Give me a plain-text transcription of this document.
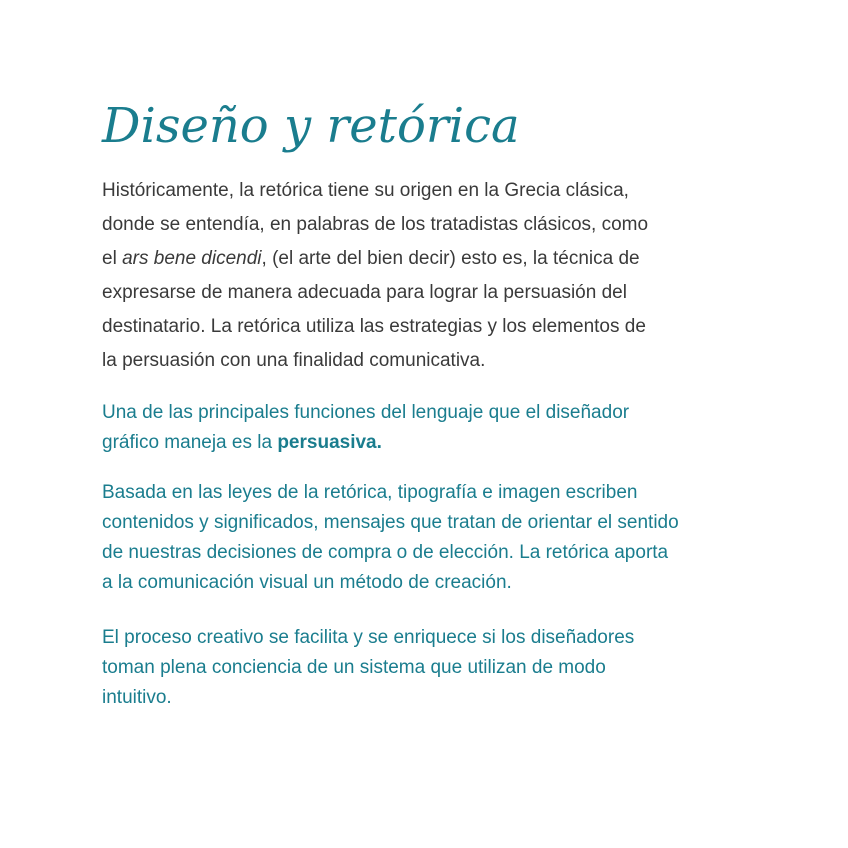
Diseño y retórica

Históricamente, la retórica tiene su origen en la Grecia clásica,
donde se entendía, en palabras de los tratadistas clásicos, como
el ars bene dicendi, (el arte del bien decir) esto es, la técnica de
expresarse de manera adecuada para lograr la persuasión del
destinatario. La retórica utiliza las estrategias y los elementos de
la persuasión con una finalidad comunicativa.

Una de las principales funciones del lenguaje que el diseñador
gráfico maneja es la persuasiva.

Basada en las leyes de la retórica, tipografía e imagen escriben
contenidos y significados, mensajes que tratan de orientar el sentido
de nuestras decisiones de compra o de elección. La retórica aporta
a la comunicación visual un método de creación.

El proceso creativo se facilita y se enriquece si los diseñadores
toman plena conciencia de un sistema que utilizan de modo
intuitivo.
